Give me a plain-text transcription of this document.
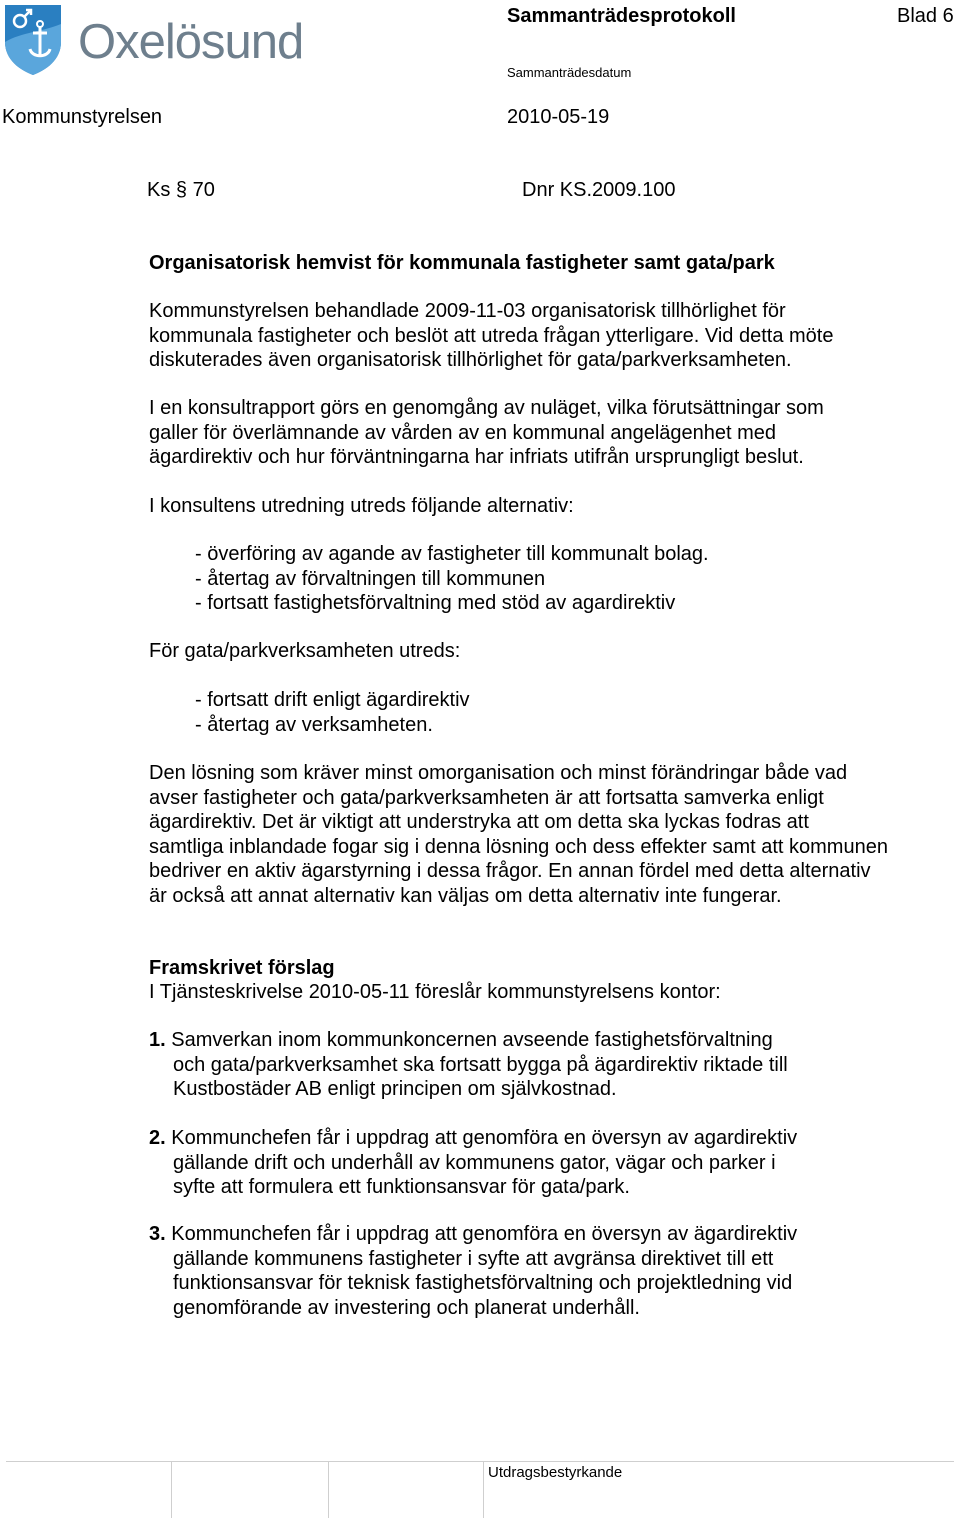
Oxelösund	Sammanträdesprotokoll	Blad 6
Sammanträdesdatum
Kommunstyrelsen	2010-05-19
Ks § 70	Dnr KS.2009.100
Organisatorisk hemvist för kommunala fastigheter samt gata/park
Kommunstyrelsen behandlade 2009-11-03 organisatorisk tillhörlighet för
kommunala fastigheter och beslöt att utreda frågan ytterligare. Vid detta möte
diskuterades även organisatorisk tillhörlighet för gata/parkverksamheten.
I en konsultrapport görs en genomgång av nuläget, vilka förutsättningar som
galler för överlämnande av vården av en kommunal angelägenhet med
ägardirektiv och hur förväntningarna har infriats utifrån ursprungligt beslut.
I konsultens utredning utreds följande alternativ:
- överföring av agande av fastigheter till kommunalt bolag.
- återtag av förvaltningen till kommunen
- fortsatt fastighetsförvaltning med stöd av agardirektiv
För gata/parkverksamheten utreds:
- fortsatt drift enligt ägardirektiv
- återtag av verksamheten.
Den lösning som kräver minst omorganisation och minst förändringar både vad
avser fastigheter och gata/parkverksamheten är att fortsatta samverka enligt
ägardirektiv. Det är viktigt att understryka att om detta ska lyckas fodras att
samtliga inblandade fogar sig i denna lösning och dess effekter samt att kommunen
bedriver en aktiv ägarstyrning i dessa frågor. En annan fördel med detta alternativ
är också att annat alternativ kan väljas om detta alternativ inte fungerar.
Framskrivet förslag
I Tjänsteskrivelse 2010-05-11 föreslår kommunstyrelsens kontor:
1. Samverkan inom kommunkoncernen avseende fastighetsförvaltning
och gata/parkverksamhet ska fortsatt bygga på ägardirektiv riktade till
Kustbostäder AB enligt principen om självkostnad.
2. Kommunchefen får i uppdrag att genomföra en översyn av agardirektiv
gällande drift och underhåll av kommunens gator, vägar och parker i
syfte att formulera ett funktionsansvar för gata/park.
3. Kommunchefen får i uppdrag att genomföra en översyn av ägardirektiv
gällande kommunens fastigheter i syfte att avgränsa direktivet till ett
funktionsansvar för teknisk fastighetsförvaltning och projektledning vid
genomförande av investering och planerat underhåll.
Utdragsbestyrkande
